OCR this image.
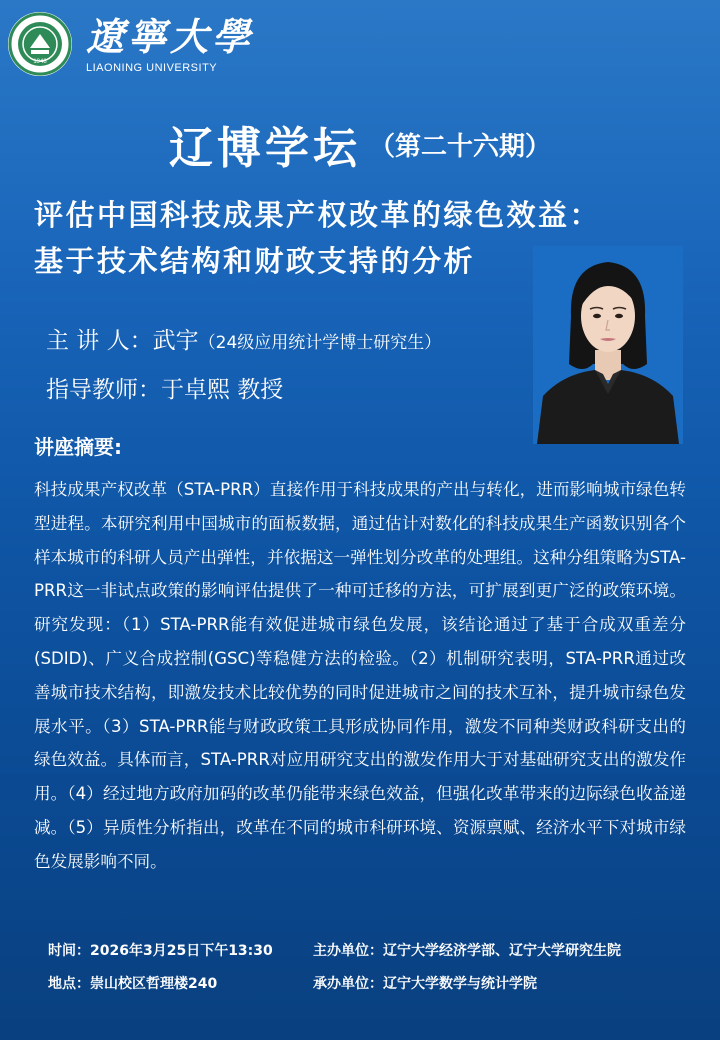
1948
遼寧大學
LIAONING UNIVERSITY
辽博学坛 （第二十六期）
评估中国科技成果产权改革的绿色效益：
基于技术结构和财政支持的分析
主 讲 人：武宇（24级应用统计学博士研究生）
指导教师：于卓熙 教授
讲座摘要:
科技成果产权改革（STA-PRR）直接作用于科技成果的产出与转化，进而影响城市绿色转型进程。本研究利用中国城市的面板数据，通过估计对数化的科技成果生产函数识别各个样本城市的科研人员产出弹性，并依据这一弹性划分改革的处理组。这种分组策略为STA-PRR这一非试点政策的影响评估提供了一种可迁移的方法，可扩展到更广泛的政策环境。研究发现：（1）STA-PRR能有效促进城市绿色发展，该结论通过了基于合成双重差分(SDID)、广义合成控制(GSC)等稳健方法的检验。（2）机制研究表明，STA-PRR通过改善城市技术结构，即激发技术比较优势的同时促进城市之间的技术互补，提升城市绿色发展水平。（3）STA-PRR能与财政政策工具形成协同作用，激发不同种类财政科研支出的绿色效益。具体而言，STA-PRR对应用研究支出的激发作用大于对基础研究支出的激发作用。（4）经过地方政府加码的改革仍能带来绿色效益，但强化改革带来的边际绿色收益递减。（5）异质性分析指出，改革在不同的城市科研环境、资源禀赋、经济水平下对城市绿色发展影响不同。
时间：2026年3月25日下午13:30	主办单位：辽宁大学经济学部、辽宁大学研究生院
地点：崇山校区哲理楼240	承办单位：辽宁大学数学与统计学院
